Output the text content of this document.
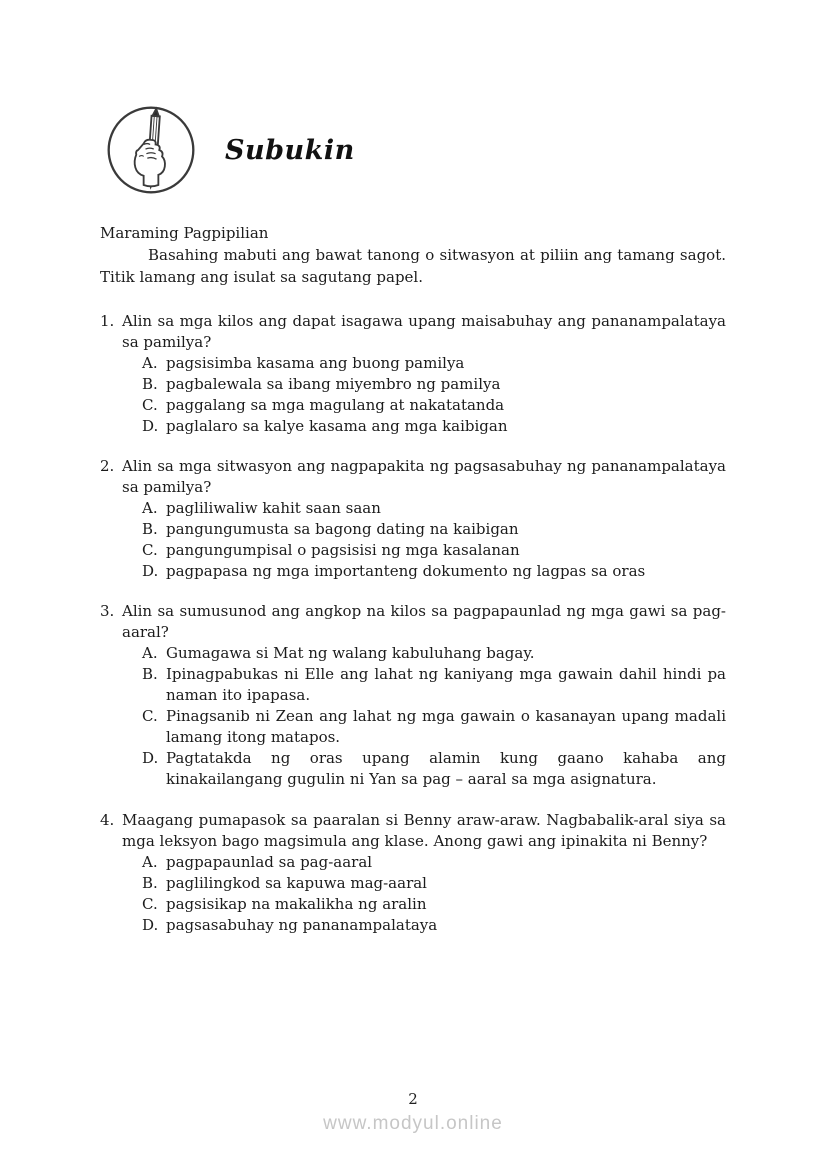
Subukin
Maraming Pagpipilian

Basahing mabuti ang bawat tanong o sitwasyon at piliin ang tamang sagot. Titik lamang ang isulat sa sagutang papel.

1. Alin sa mga kilos ang dapat isagawa upang maisabuhay ang pananampalataya sa pamilya?
A. pagsisimba kasama ang buong pamilya
B. pagbalewala sa ibang miyembro ng pamilya
C. paggalang sa mga magulang at nakatatanda
D. paglalaro sa kalye kasama ang mga kaibigan
2. Alin sa mga sitwasyon ang nagpapakita ng pagsasabuhay ng pananampalataya sa pamilya?
A. pagliliwaliw kahit saan saan
B. pangungumusta sa bagong dating na kaibigan
C. pangungumpisal o pagsisisi ng mga kasalanan
D. pagpapasa ng mga importanteng dokumento ng lagpas sa oras
3. Alin sa sumusunod ang angkop na kilos sa pagpapaunlad ng mga gawi sa pag-aaral?
A. Gumagawa si Mat ng walang kabuluhang bagay.
B. Ipinagpabukas ni Elle ang lahat ng kaniyang mga gawain dahil hindi pa naman ito ipapasa.
C. Pinagsanib ni Zean ang lahat ng mga gawain o kasanayan upang madali lamang itong matapos.
D. Pagtatakda ng oras upang alamin kung gaano kahaba ang kinakailangang gugulin ni Yan sa pag – aaral sa mga asignatura.
4. Maagang pumapasok sa paaralan si Benny araw-araw. Nagbabalik-aral siya sa mga leksyon bago magsimula ang klase. Anong gawi ang ipinakita ni Benny?
A. pagpapaunlad sa pag-aaral
B. paglilingkod sa kapuwa mag-aaral
C. pagsisikap na makalikha ng aralin
D. pagsasabuhay ng pananampalataya
2
www.modyul.online
